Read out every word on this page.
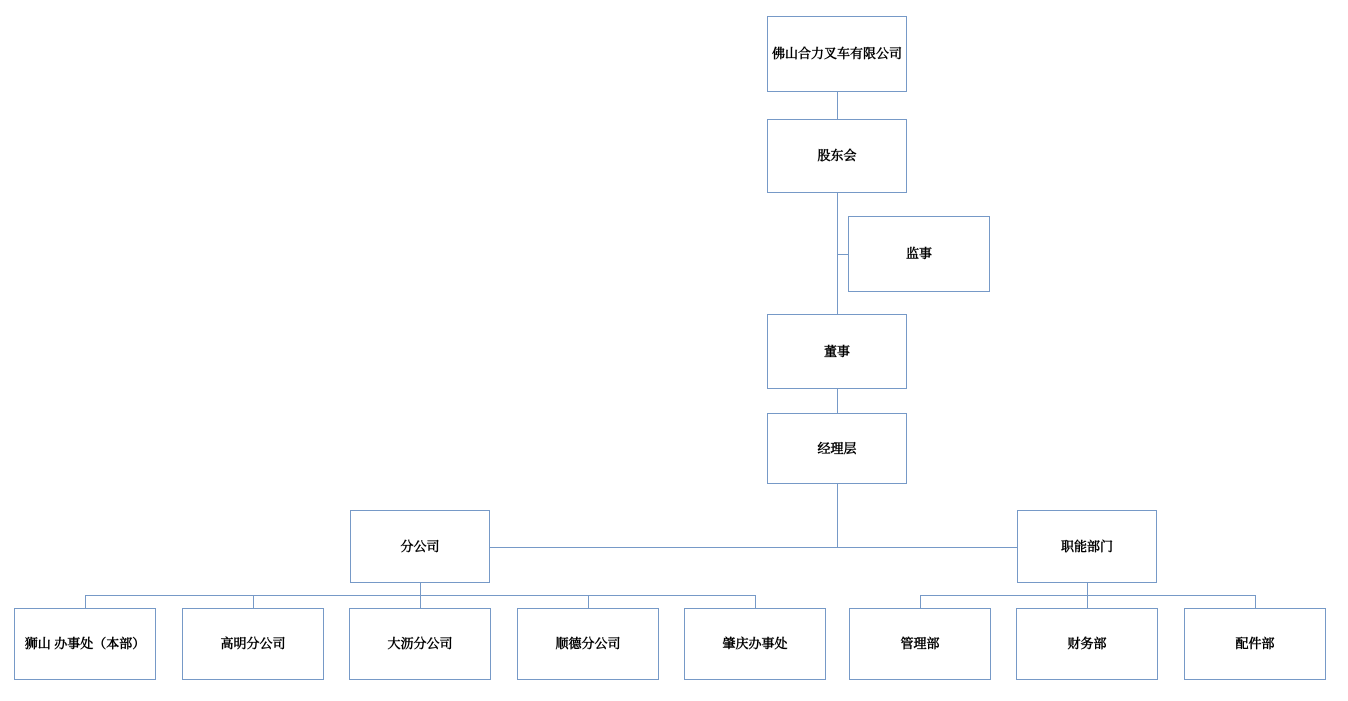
佛山合力叉车有限公司
股东会
监事
董事
经理层
分公司	职能部门
狮山 办事处（本部）	高明分公司	大沥分公司	顺德分公司	肇庆办事处	管理部	财务部	配件部
